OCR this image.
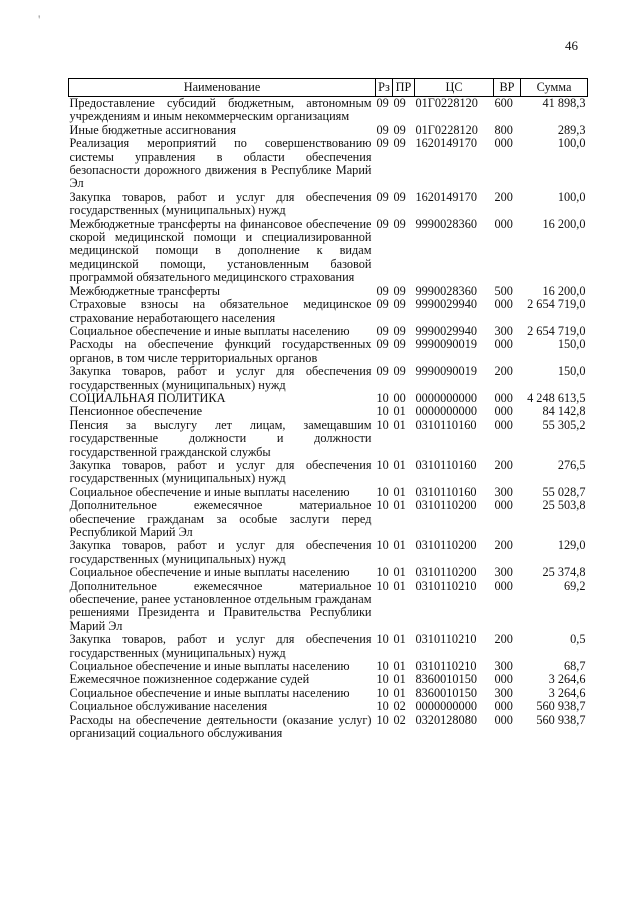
'
46
Наименование	Рз	ПР	ЦС	ВР	Сумма
Предоставление субсидий бюджетным, автономным учреждениям и иным некоммерческим организациям	09	09	01Г0228120	600	41 898,3
Иные бюджетные ассигнования	09	09	01Г0228120	800	289,3
Реализация мероприятий по совершенствованию системы управления в области обеспечения безопасности дорожного движения в Республике Марий Эл	09	09	1620149170	000	100,0
Закупка товаров, работ и услуг для обеспечения государственных (муниципальных) нужд	09	09	1620149170	200	100,0
Межбюджетные трансферты на финансовое обеспечение скорой медицинской помощи и специализированной медицинской помощи в дополнение к видам медицинской помощи, установленным базовой программой обязательного медицинского страхования	09	09	9990028360	000	16 200,0
Межбюджетные трансферты	09	09	9990028360	500	16 200,0
Страховые взносы на обязательное медицинское страхование неработающего населения	09	09	9990029940	000	2 654 719,0
Социальное обеспечение и иные выплаты населению	09	09	9990029940	300	2 654 719,0
Расходы на обеспечение функций государственных органов, в том числе территориальных органов	09	09	9990090019	000	150,0
Закупка товаров, работ и услуг для обеспечения государственных (муниципальных) нужд	09	09	9990090019	200	150,0
СОЦИАЛЬНАЯ ПОЛИТИКА	10	00	0000000000	000	4 248 613,5
Пенсионное обеспечение	10	01	0000000000	000	84 142,8
Пенсия за выслугу лет лицам, замещавшим государственные должности и должности государственной гражданской службы	10	01	0310110160	000	55 305,2
Закупка товаров, работ и услуг для обеспечения государственных (муниципальных) нужд	10	01	0310110160	200	276,5
Социальное обеспечение и иные выплаты населению	10	01	0310110160	300	55 028,7
Дополнительное ежемесячное материальное обеспечение гражданам за особые заслуги перед Республикой Марий Эл	10	01	0310110200	000	25 503,8
Закупка товаров, работ и услуг для обеспечения государственных (муниципальных) нужд	10	01	0310110200	200	129,0
Социальное обеспечение и иные выплаты населению	10	01	0310110200	300	25 374,8
Дополнительное ежемесячное материальное обеспечение, ранее установленное отдельным гражданам решениями Президента и Правительства Республики Марий Эл	10	01	0310110210	000	69,2
Закупка товаров, работ и услуг для обеспечения государственных (муниципальных) нужд	10	01	0310110210	200	0,5
Социальное обеспечение и иные выплаты населению	10	01	0310110210	300	68,7
Ежемесячное пожизненное содержание судей	10	01	8360010150	000	3 264,6
Социальное обеспечение и иные выплаты населению	10	01	8360010150	300	3 264,6
Социальное обслуживание населения	10	02	0000000000	000	560 938,7
Расходы на обеспечение деятельности (оказание услуг) организаций социального обслуживания	10	02	0320128080	000	560 938,7
